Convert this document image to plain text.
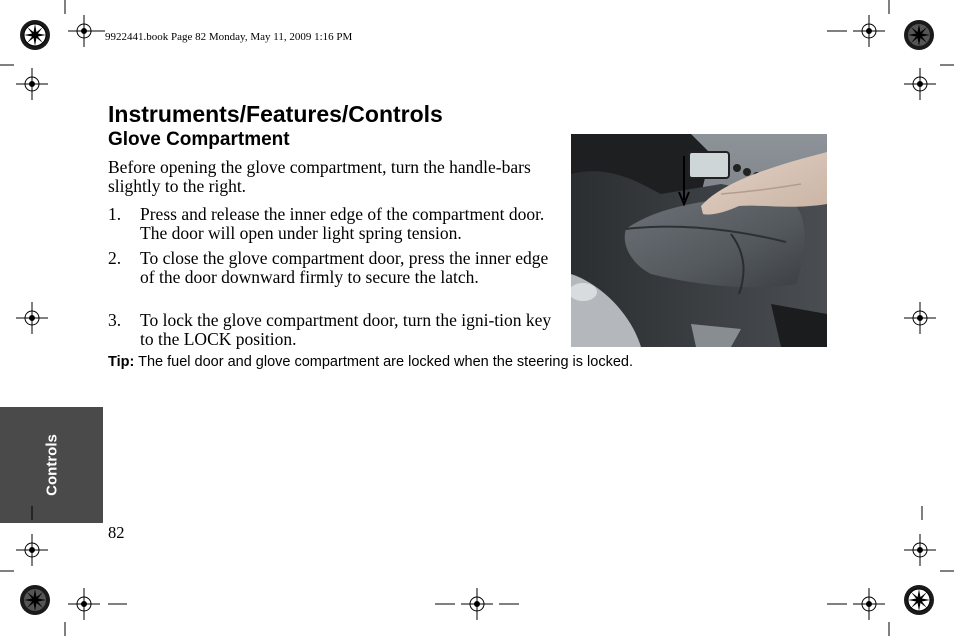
9922441.book Page 82 Monday, May 11, 2009 1:16 PM
Instruments/Features/Controls
Glove Compartment
Before opening the glove compartment, turn the handle-bars slightly to the right.
1. Press and release the inner edge of the compartment door. The door will open under light spring tension.
2. To close the glove compartment door, press the inner edge of the door downward firmly to secure the latch.
3. To lock the glove compartment door, turn the igni-tion key to the LOCK position.
Tip: The fuel door and glove compartment are locked when the steering is locked.
Controls
82
